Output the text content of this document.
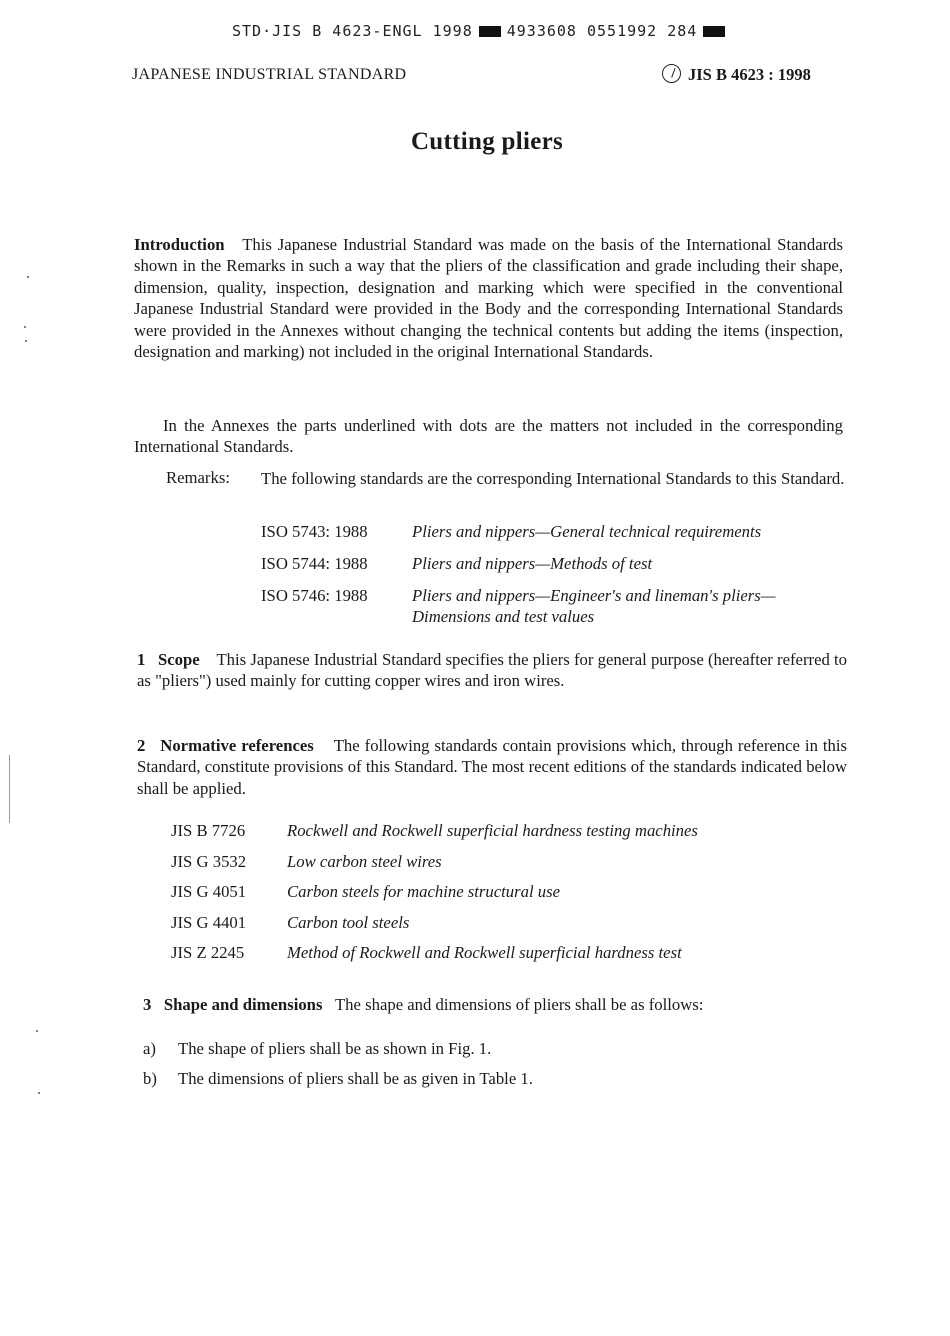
STD·JIS B 4623-ENGL 1998 4933608 0551992 284
JAPANESE INDUSTRIAL STANDARD	JIS B 4623 : 1998
Cutting pliers
Introduction This Japanese Industrial Standard was made on the basis of the International Standards shown in the Remarks in such a way that the pliers of the classification and grade including their shape, dimension, quality, inspection, designation and marking which were specified in the conventional Japanese Industrial Standard were provided in the Body and the corresponding International Standards were provided in the Annexes without changing the technical contents but adding the items (inspection, designation and marking) not included in the original International Standards.
In the Annexes the parts underlined with dots are the matters not included in the corresponding International Standards.
Remarks: The following standards are the corresponding International Standards to this Standard.
ISO 5743: 1988	Pliers and nippers—General technical requirements
ISO 5744: 1988	Pliers and nippers—Methods of test
ISO 5746: 1988	Pliers and nippers—Engineer's and lineman's pliers—Dimensions and test values
1 Scope This Japanese Industrial Standard specifies the pliers for general purpose (hereafter referred to as "pliers") used mainly for cutting copper wires and iron wires.
2 Normative references The following standards contain provisions which, through reference in this Standard, constitute provisions of this Standard. The most recent editions of the standards indicated below shall be applied.
JIS B 7726	Rockwell and Rockwell superficial hardness testing machines
JIS G 3532 Low carbon steel wires
JIS G 4051 Carbon steels for machine structural use
JIS G 4401 Carbon tool steels
JIS Z 2245	Method of Rockwell and Rockwell superficial hardness test
3 Shape and dimensions The shape and dimensions of pliers shall be as follows:
a) The shape of pliers shall be as shown in Fig. 1.
b) The dimensions of pliers shall be as given in Table 1.
